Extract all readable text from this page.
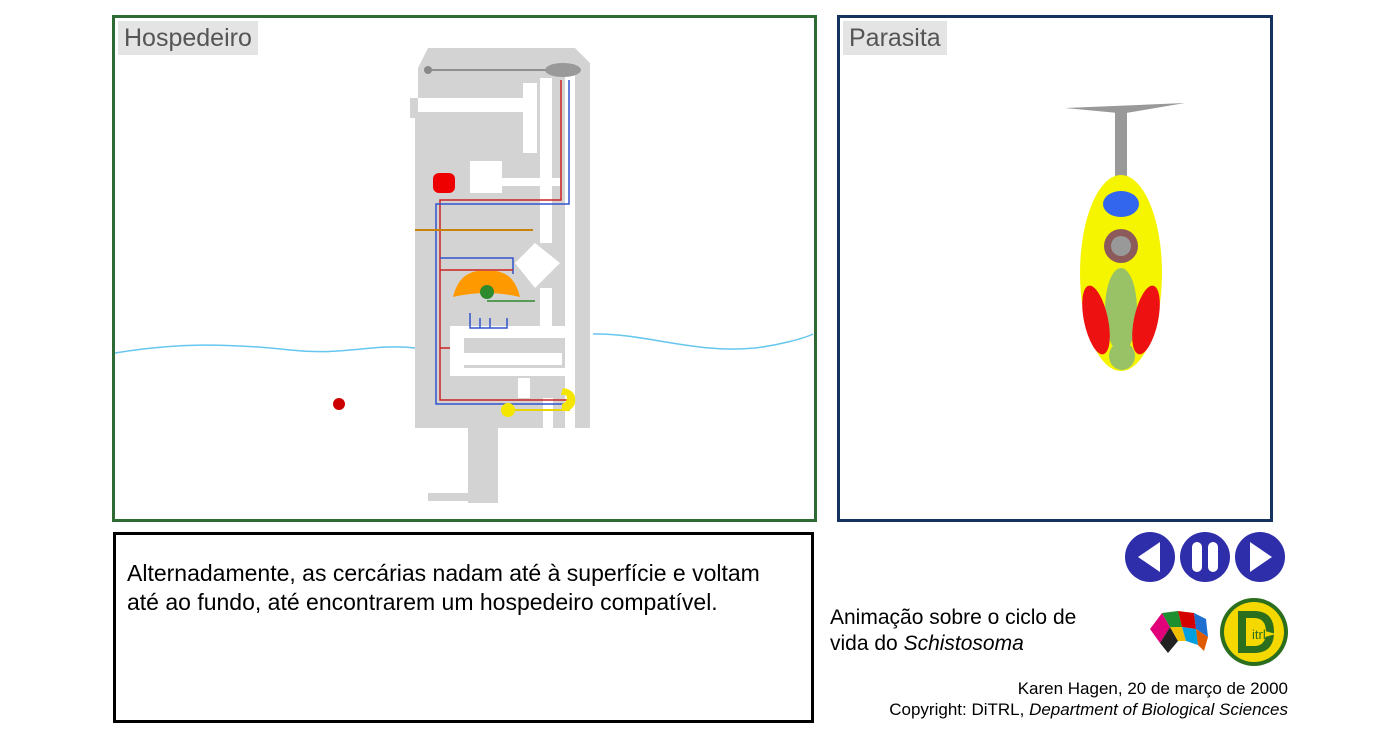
Hospedeiro	Parasita
Alternadamente, as cercárias nadam até à superfície e voltam até ao fundo, até encontrarem um hospedeiro compatível.
Animação sobre o ciclo de
vida do Schistosoma	itrl
Karen Hagen, 20 de março de 2000
Copyright: DiTRL, Department of Biological Sciences
